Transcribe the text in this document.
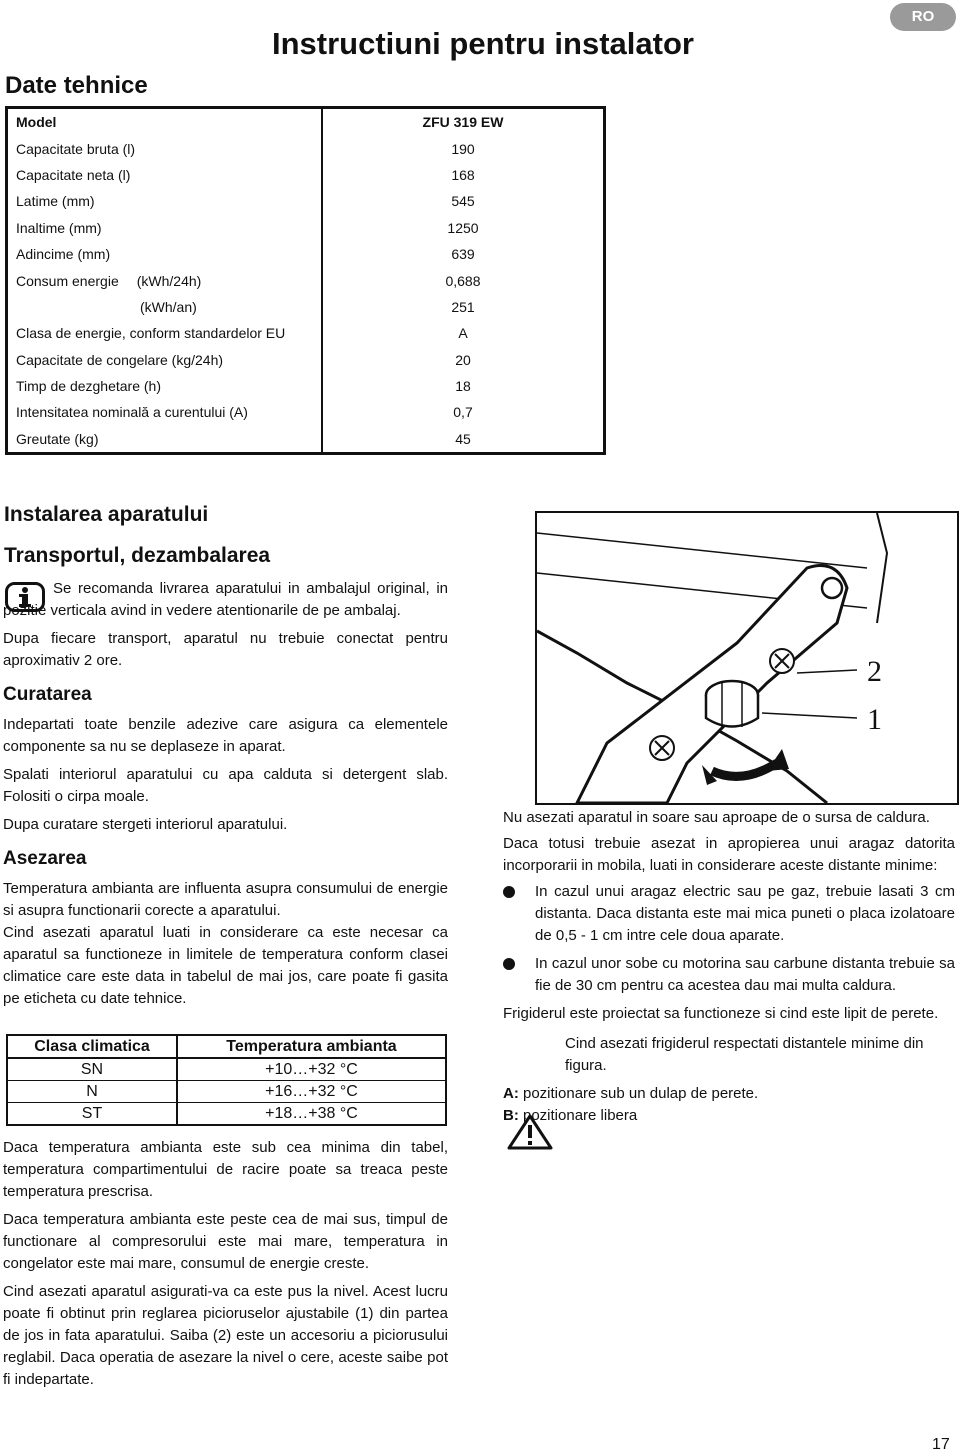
RO
Instructiuni pentru instalator
Date tehnice
Model	ZFU 319 EW
Capacitate bruta (l)	190
Capacitate neta (l)	168
Latime (mm)	545
Inaltime (mm)	1250
Adincime (mm)	639
Consum energie (kWh/24h)	0,688
(kWh/an)	251
Clasa de energie, conform standardelor EU	A
Capacitate de congelare (kg/24h)	20
Timp de dezghetare (h)	18
Intensitatea nominală a curentului (A)	0,7
Greutate (kg)	45
Instalarea aparatului
Transportul, dezambalarea

Se recomanda livrarea aparatului in ambalajul original, in pozitie verticala avind in vedere atentionarile de pe ambalaj.

Dupa fiecare transport, aparatul nu trebuie conectat pentru aproximativ 2 ore.

Curatarea

Indepartati toate benzile adezive care asigura ca elementele componente sa nu se deplaseze in aparat.

Spalati interiorul aparatului cu apa calduta si detergent slab. Folositi o cirpa moale.

Dupa curatare stergeti interiorul aparatului.

Asezarea

Temperatura ambianta are influenta asupra consumului de energie si asupra functionarii corecte a aparatului.

Cind asezati aparatul luati in considerare ca este necesar ca aparatul sa functioneze in limitele de temperatura conform clasei climatice care este data in tabelul de mai jos, care poate fi gasita pe eticheta cu date tehnice.

Clasa climatica	Temperatura ambianta
SN	+10…+32 °C
N	+16…+32 °C
ST	+18…+38 °C

Daca temperatura ambianta este sub cea minima din tabel, temperatura compartimentului de racire poate sa treaca peste temperatura prescrisa.

Daca temperatura ambianta este peste cea de mai sus, timpul de functionare al compresorului este mai mare, temperatura in congelator este mai mare, consumul de energie creste.

Cind asezati aparatul asigurati-va ca este pus la nivel. Acest lucru poate fi obtinut prin reglarea picioruselor ajustabile (1) din partea de jos in fata aparatului. Saiba (2) este un accesoriu a piciorusului reglabil. Daca operatia de asezare la nivel o cere, aceste saibe pot fi indepartate.

2
1

Nu asezati aparatul in soare sau aproape de o sursa de caldura.

Daca totusi trebuie asezat in apropierea unui aragaz datorita incorporarii in mobila, luati in considerare aceste distante minime:

In cazul unui aragaz electric sau pe gaz, trebuie lasati 3 cm distanta. Daca distanta este mai mica puneti o placa izolatoare de 0,5 - 1 cm intre cele doua aparate.

In cazul unor sobe cu motorina sau carbune distanta trebuie sa fie de 30 cm pentru ca acestea dau mai multa caldura.

Frigiderul este proiectat sa functioneze si cind este lipit de perete.

Cind asezati frigiderul respectati distantele minime din figura.

A: pozitionare sub un dulap de perete.
B: pozitionare libera
17
